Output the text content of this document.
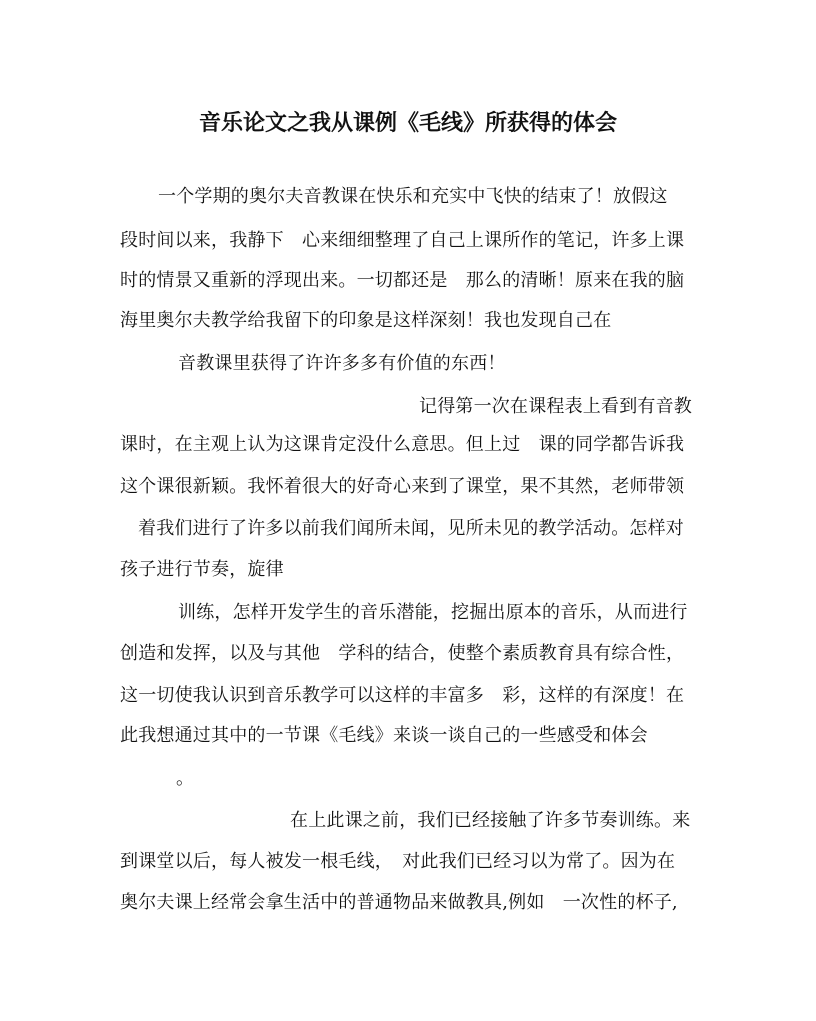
音乐论文之我从课例《毛线》所获得的体会
一个学期的奥尔夫音教课在快乐和充实中飞快的结束了！放假这
段时间以来，我静下　心来细细整理了自己上课所作的笔记，许多上课
时的情景又重新的浮现出来。一切都还是　那么的清晰！原来在我的脑
海里奥尔夫教学给我留下的印象是这样深刻！我也发现自己在
音教课里获得了许许多多有价值的东西！
记得第一次在课程表上看到有音教
课时，在主观上认为这课肯定没什么意思。但上过　课的同学都告诉我
这个课很新颖。我怀着很大的好奇心来到了课堂，果不其然，老师带领
着我们进行了许多以前我们闻所未闻，见所未见的教学活动。怎样对
孩子进行节奏，旋律
训练，怎样开发学生的音乐潜能，挖掘出原本的音乐，从而进行
创造和发挥，以及与其他　学科的结合，使整个素质教育具有综合性，
这一切使我认识到音乐教学可以这样的丰富多　彩，这样的有深度！在
此我想通过其中的一节课《毛线》来谈一谈自己的一些感受和体会
。
在上此课之前，我们已经接触了许多节奏训练。来
到课堂以后，每人被发一根毛线，　对此我们已经习以为常了。因为在
奥尔夫课上经常会拿生活中的普通物品来做教具,例如　一次性的杯子,
